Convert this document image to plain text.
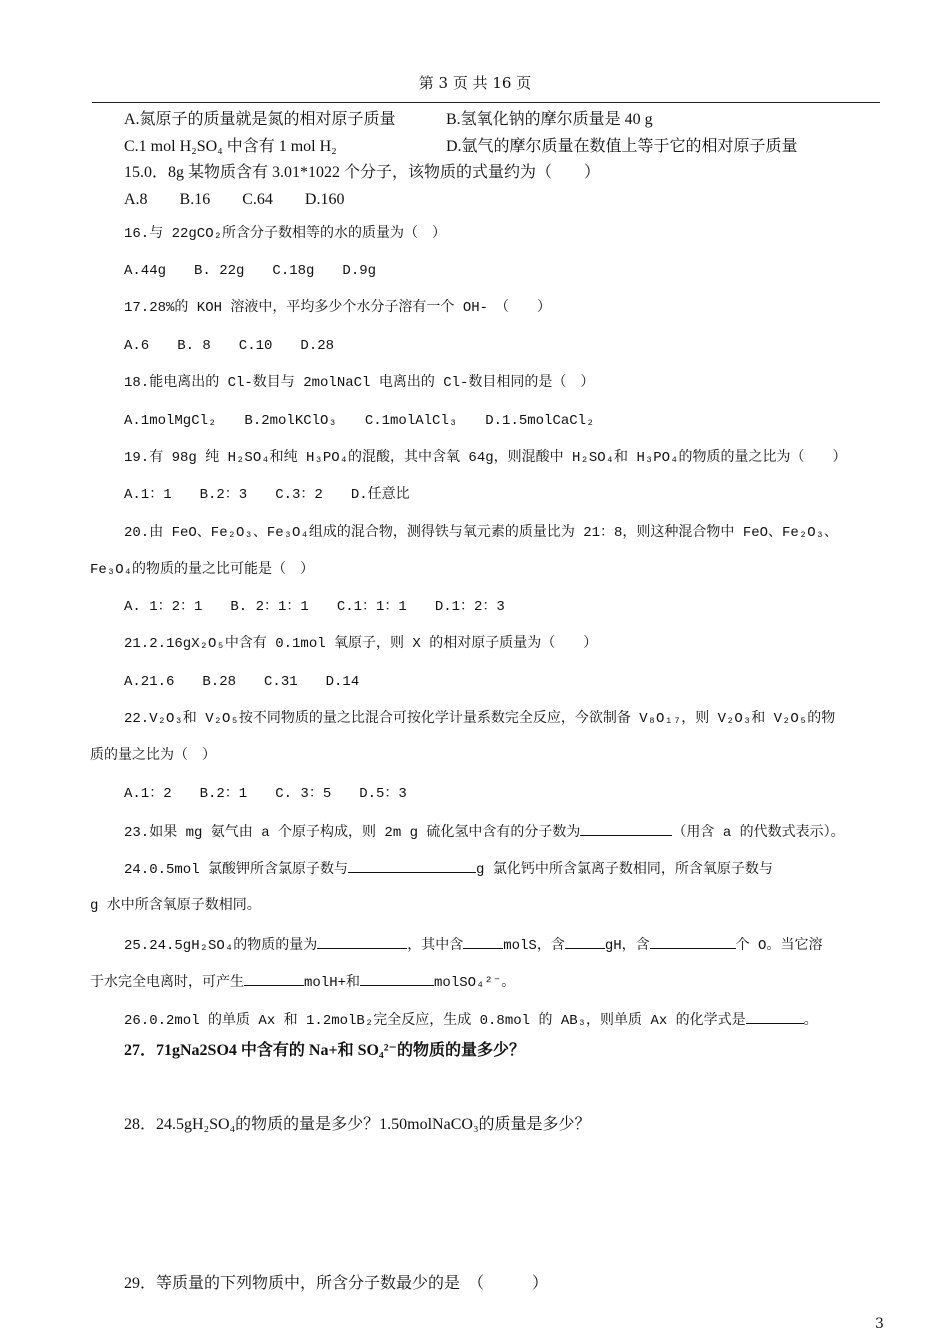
第 3 页 共 16 页
A.氮原子的质量就是氮的相对原子质量	B.氢氧化钠的摩尔质量是 40 g
C.1 mol H₂SO₄ 中含有 1 mol H₂	D.氩气的摩尔质量在数值上等于它的相对原子质量
15.0．8g 某物质含有 3.01*1022 个分子，该物质的式量约为（　　）
A.8　　B.16　　C.64　　D.160
16.与 22gCO₂所含分子数相等的水的质量为（　）
A.44g　　B. 22g　　C.18g　　D.9g
17.28%的 KOH 溶液中，平均多少个水分子溶有一个 OH-　（　　）
A.6　　B. 8　　C.10　　D.28
18.能电离出的 Cl-数目与 2molNaCl 电离出的 Cl-数目相同的是（　）
A.1molMgCl₂　　B.2molKClO₃　　C.1molAlCl₃　　D.1.5molCaCl₂
19.有 98g 纯 H₂SO₄和纯 H₃PO₄的混酸，其中含氧 64g，则混酸中 H₂SO₄和 H₃PO₄的物质的量之比为（　　）
A.1：1　　B.2：3　　C.3：2　　D.任意比
20.由 FeO、Fe₂O₃、Fe₃O₄组成的混合物，测得铁与氧元素的质量比为 21：8，则这种混合物中 FeO、Fe₂O₃、
Fe₃O₄的物质的量之比可能是（　）
A. 1：2：1　　B. 2：1：1　　C.1：1：1　　D.1：2：3
21.2.16gX₂O₅中含有 0.1mol 氧原子，则 X 的相对原子质量为（　　）
A.21.6　　B.28　　C.31　　D.14
22.V₂O₃和 V₂O₅按不同物质的量之比混合可按化学计量系数完全反应，今欲制备 V₈O₁₇，则 V₂O₃和 V₂O₅的物
质的量之比为（　）
A.1：2　　B.2：1　　C. 3：5　　D.5：3
23.如果 mg 氨气由 a 个原子构成，则 2m g 硫化氢中含有的分子数为	（用含 a 的代数式表示）。
24.0.5mol 氯酸钾所含氯原子数与	g 氯化钙中所含氯离子数相同，所含氧原子数与
g 水中所含氧原子数相同。
25.24.5gH₂SO₄的物质的量为	，其中含	molS，含	gH，含	个 O。当它溶
于水完全电离时，可产生	molH+和	molSO₄²⁻。
26.0.2mol 的单质 Ax 和 1.2molB₂完全反应，生成 0.8mol 的 AB₃，则单质 Ax 的化学式是	。
27．71gNa2SO4 中含有的 Na+和 SO₄²⁻的物质的量多少？
28．24.5gH₂SO₄的物质的量是多少？1.50molNaCO₃的质量是多少？
29．等质量的下列物质中，所含分子数最少的是　（　　　）
3
